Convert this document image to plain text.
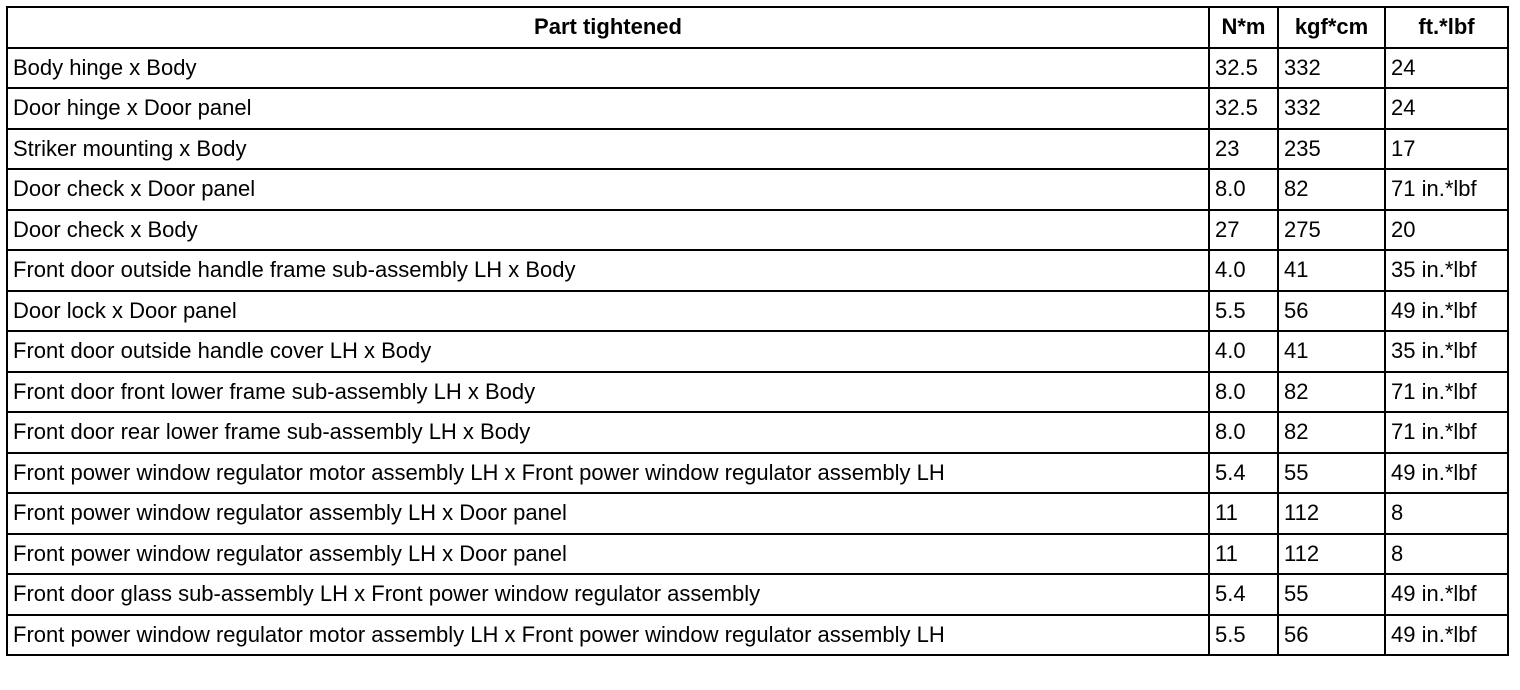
Part tightened	N*m	kgf*cm	ft.*lbf
Body hinge x Body	32.5	332	24
Door hinge x Door panel	32.5	332	24
Striker mounting x Body	23	235	17
Door check x Door panel	8.0	82	71 in.*lbf
Door check x Body	27	275	20
Front door outside handle frame sub-assembly LH x Body	4.0	41	35 in.*lbf
Door lock x Door panel	5.5	56	49 in.*lbf
Front door outside handle cover LH x Body	4.0	41	35 in.*lbf
Front door front lower frame sub-assembly LH x Body	8.0	82	71 in.*lbf
Front door rear lower frame sub-assembly LH x Body	8.0	82	71 in.*lbf
Front power window regulator motor assembly LH x Front power window regulator assembly LH	5.4	55	49 in.*lbf
Front power window regulator assembly LH x Door panel	11	112	8
Front power window regulator assembly LH x Door panel	11	112	8
Front door glass sub-assembly LH x Front power window regulator assembly	5.4	55	49 in.*lbf
Front power window regulator motor assembly LH x Front power window regulator assembly LH	5.5	56	49 in.*lbf
